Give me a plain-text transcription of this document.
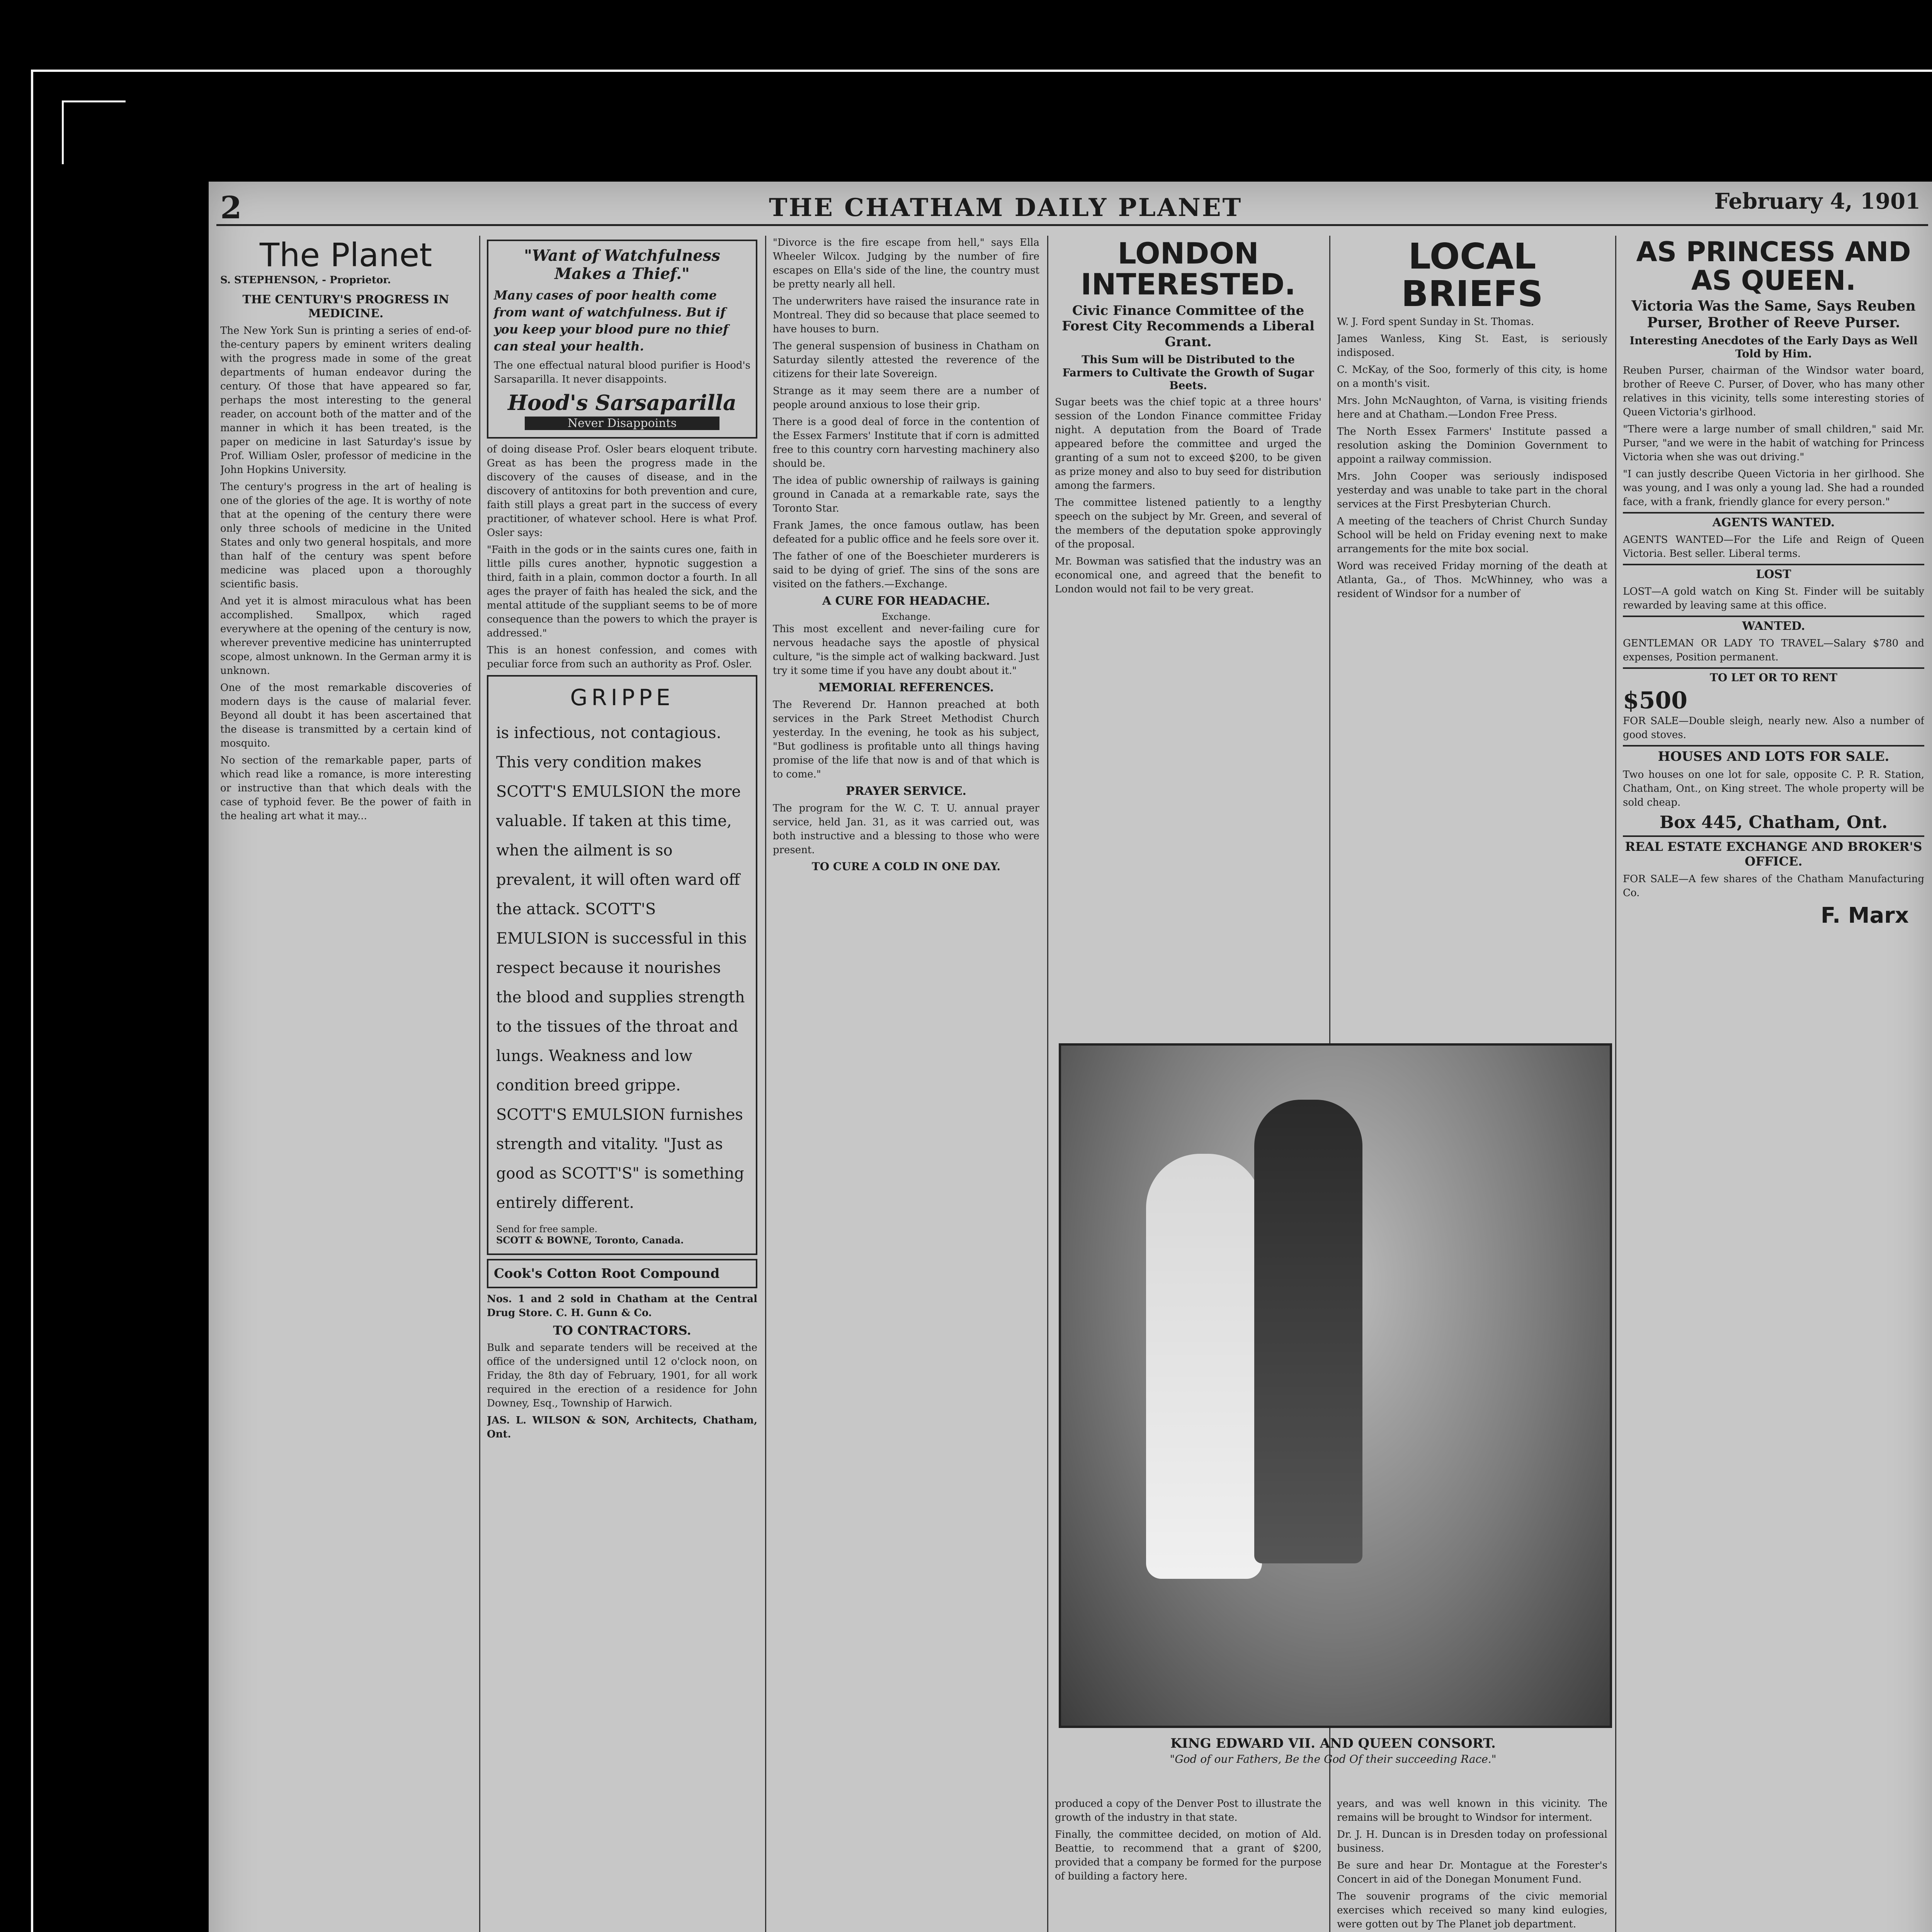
2	THE CHATHAM DAILY PLANET	February 4, 1901
The Planet
S. STEPHENSON, - Proprietor.
THE CENTURY'S PROGRESS IN MEDICINE.

The New York Sun is printing a series of end-of-the-century papers by eminent writers dealing with the progress made in some of the great departments of human endeavor during the century. Of those that have appeared so far, perhaps the most interesting to the general reader, on account both of the matter and of the manner in which it has been treated, is the paper on medicine in last Saturday's issue by Prof. William Osler, professor of medicine in the John Hopkins University.

The century's progress in the art of healing is one of the glories of the age. It is worthy of note that at the opening of the century there were only three schools of medicine in the United States and only two general hospitals, and more than half of the century was spent before medicine was placed upon a thoroughly scientific basis.

And yet it is almost miraculous what has been accomplished. Smallpox, which raged everywhere at the opening of the century is now, wherever preventive medicine has uninterrupted scope, almost unknown. In the German army it is unknown.

One of the most remarkable discoveries of modern days is the cause of malarial fever. Beyond all doubt it has been ascertained that the disease is transmitted by a certain kind of mosquito.

No section of the remarkable paper, parts of which read like a romance, is more interesting or instructive than that which deals with the case of typhoid fever. Be the power of faith in the healing art what it may...

"Want of Watchfulness Makes a Thief."
Many cases of poor health come from want of watchfulness. But if you keep your blood pure no thief can steal your health.

The one effectual natural blood purifier is Hood's Sarsaparilla. It never disappoints.

Hood's Sarsaparilla
Never Disappoints

of doing disease Prof. Osler bears eloquent tribute. Great as has been the progress made in the discovery of the causes of disease, and in the discovery of antitoxins for both prevention and cure, faith still plays a great part in the success of every practitioner, of whatever school. Here is what Prof. Osler says:

"Faith in the gods or in the saints cures one, faith in little pills cures another, hypnotic suggestion a third, faith in a plain, common doctor a fourth. In all ages the prayer of faith has healed the sick, and the mental attitude of the suppliant seems to be of more consequence than the powers to which the prayer is addressed."

This is an honest confession, and comes with peculiar force from such an authority as Prof. Osler.

GRIPPE
is infectious, not contagious. This very condition makes SCOTT'S EMULSION the more valuable. If taken at this time, when the ailment is so prevalent, it will often ward off the attack. SCOTT'S EMULSION is successful in this respect because it nourishes the blood and supplies strength to the tissues of the throat and lungs. Weakness and low condition breed grippe. SCOTT'S EMULSION furnishes strength and vitality. "Just as good as SCOTT'S" is something entirely different.
Send for free sample.
SCOTT & BOWNE, Toronto, Canada.
Cook's Cotton Root Compound

Nos. 1 and 2 sold in Chatham at the Central Drug Store. C. H. Gunn & Co.

TO CONTRACTORS.

Bulk and separate tenders will be received at the office of the undersigned until 12 o'clock noon, on Friday, the 8th day of February, 1901, for all work required in the erection of a residence for John Downey, Esq., Township of Harwich.

JAS. L. WILSON & SON, Architects, Chatham, Ont.

"Divorce is the fire escape from hell," says Ella Wheeler Wilcox. Judging by the number of fire escapes on Ella's side of the line, the country must be pretty nearly all hell.

The underwriters have raised the insurance rate in Montreal. They did so because that place seemed to have houses to burn.

The general suspension of business in Chatham on Saturday silently attested the reverence of the citizens for their late Sovereign.

Strange as it may seem there are a number of people around anxious to lose their grip.

There is a good deal of force in the contention of the Essex Farmers' Institute that if corn is admitted free to this country corn harvesting machinery also should be.

The idea of public ownership of railways is gaining ground in Canada at a remarkable rate, says the Toronto Star.

Frank James, the once famous outlaw, has been defeated for a public office and he feels sore over it.

The father of one of the Boeschieter murderers is said to be dying of grief. The sins of the sons are visited on the fathers.—Exchange.

A CURE FOR HEADACHE.
Exchange.

This most excellent and never-failing cure for nervous headache says the apostle of physical culture, "is the simple act of walking backward. Just try it some time if you have any doubt about it."

MEMORIAL REFERENCES.

The Reverend Dr. Hannon preached at both services in the Park Street Methodist Church yesterday. In the evening, he took as his subject, "But godliness is profitable unto all things having promise of the life that now is and of that which is to come."

PRAYER SERVICE.

The program for the W. C. T. U. annual prayer service, held Jan. 31, as it was carried out, was both instructive and a blessing to those who were present.

TO CURE A COLD IN ONE DAY.
LONDON INTERESTED.
Civic Finance Committee of the Forest City Recommends a Liberal Grant.
This Sum will be Distributed to the Farmers to Cultivate the Growth of Sugar Beets.

Sugar beets was the chief topic at a three hours' session of the London Finance committee Friday night. A deputation from the Board of Trade appeared before the committee and urged the granting of a sum not to exceed $200, to be given as prize money and also to buy seed for distribution among the farmers.

The committee listened patiently to a lengthy speech on the subject by Mr. Green, and several of the members of the deputation spoke approvingly of the proposal.

Mr. Bowman was satisfied that the industry was an economical one, and agreed that the benefit to London would not fail to be very great.

LOCAL BRIEFS

W. J. Ford spent Sunday in St. Thomas.

James Wanless, King St. East, is seriously indisposed.

C. McKay, of the Soo, formerly of this city, is home on a month's visit.

Mrs. John McNaughton, of Varna, is visiting friends here and at Chatham.—London Free Press.

The North Essex Farmers' Institute passed a resolution asking the Dominion Government to appoint a railway commission.

Mrs. John Cooper was seriously indisposed yesterday and was unable to take part in the choral services at the First Presbyterian Church.

A meeting of the teachers of Christ Church Sunday School will be held on Friday evening next to make arrangements for the mite box social.

Word was received Friday morning of the death at Atlanta, Ga., of Thos. McWhinney, who was a resident of Windsor for a number of

KING EDWARD VII. AND QUEEN CONSORT.
"God of our Fathers, Be the God Of their succeeding Race."

produced a copy of the Denver Post to illustrate the growth of the industry in that state.

Finally, the committee decided, on motion of Ald. Beattie, to recommend that a grant of $200, provided that a company be formed for the purpose of building a factory here.

years, and was well known in this vicinity. The remains will be brought to Windsor for interment.

Dr. J. H. Duncan is in Dresden today on professional business.

Be sure and hear Dr. Montague at the Forester's Concert in aid of the Donegan Monument Fund.

The souvenir programs of the civic memorial exercises which received so many kind eulogies, were gotten out by The Planet job department.

AS PRINCESS AND AS QUEEN.
Victoria Was the Same, Says Reuben Purser, Brother of Reeve Purser.
Interesting Anecdotes of the Early Days as Well Told by Him.

Reuben Purser, chairman of the Windsor water board, brother of Reeve C. Purser, of Dover, who has many other relatives in this vicinity, tells some interesting stories of Queen Victoria's girlhood.

"There were a large number of small children," said Mr. Purser, "and we were in the habit of watching for Princess Victoria when she was out driving."

"I can justly describe Queen Victoria in her girlhood. She was young, and I was only a young lad. She had a rounded face, with a frank, friendly glance for every person."

AGENTS WANTED.

AGENTS WANTED—For the Life and Reign of Queen Victoria. Best seller. Liberal terms.

LOST

LOST—A gold watch on King St. Finder will be suitably rewarded by leaving same at this office.

WANTED.

GENTLEMAN OR LADY TO TRAVEL—Salary $780 and expenses, Position permanent.

TO LET OR TO RENT
$500

FOR SALE—Double sleigh, nearly new. Also a number of good stoves.

HOUSES AND LOTS FOR SALE.

Two houses on one lot for sale, opposite C. P. R. Station, Chatham, Ont., on King street. The whole property will be sold cheap.

Box 445, Chatham, Ont.
REAL ESTATE EXCHANGE AND BROKER'S OFFICE.

FOR SALE—A few shares of the Chatham Manufacturing Co.

F. Marx
